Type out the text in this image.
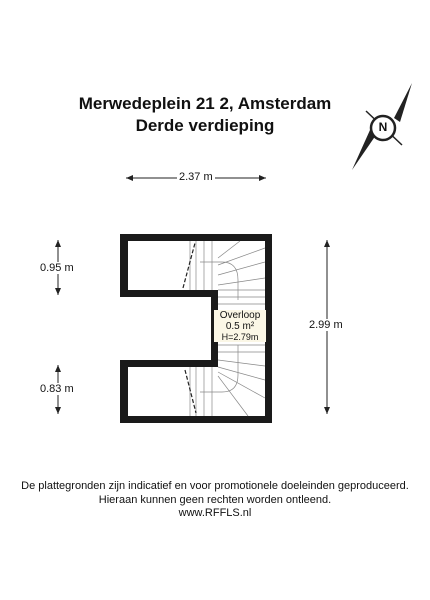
Merwedeplein 21 2, Amsterdam
Derde verdieping	N
2.37 m
2.99 m
0.95 m
0.83 m
Overloop
0.5 m²
H=2.79m
De plattegronden zijn indicatief en voor promotionele doeleinden geproduceerd.
Hieraan kunnen geen rechten worden ontleend.
www.RFFLS.nl
